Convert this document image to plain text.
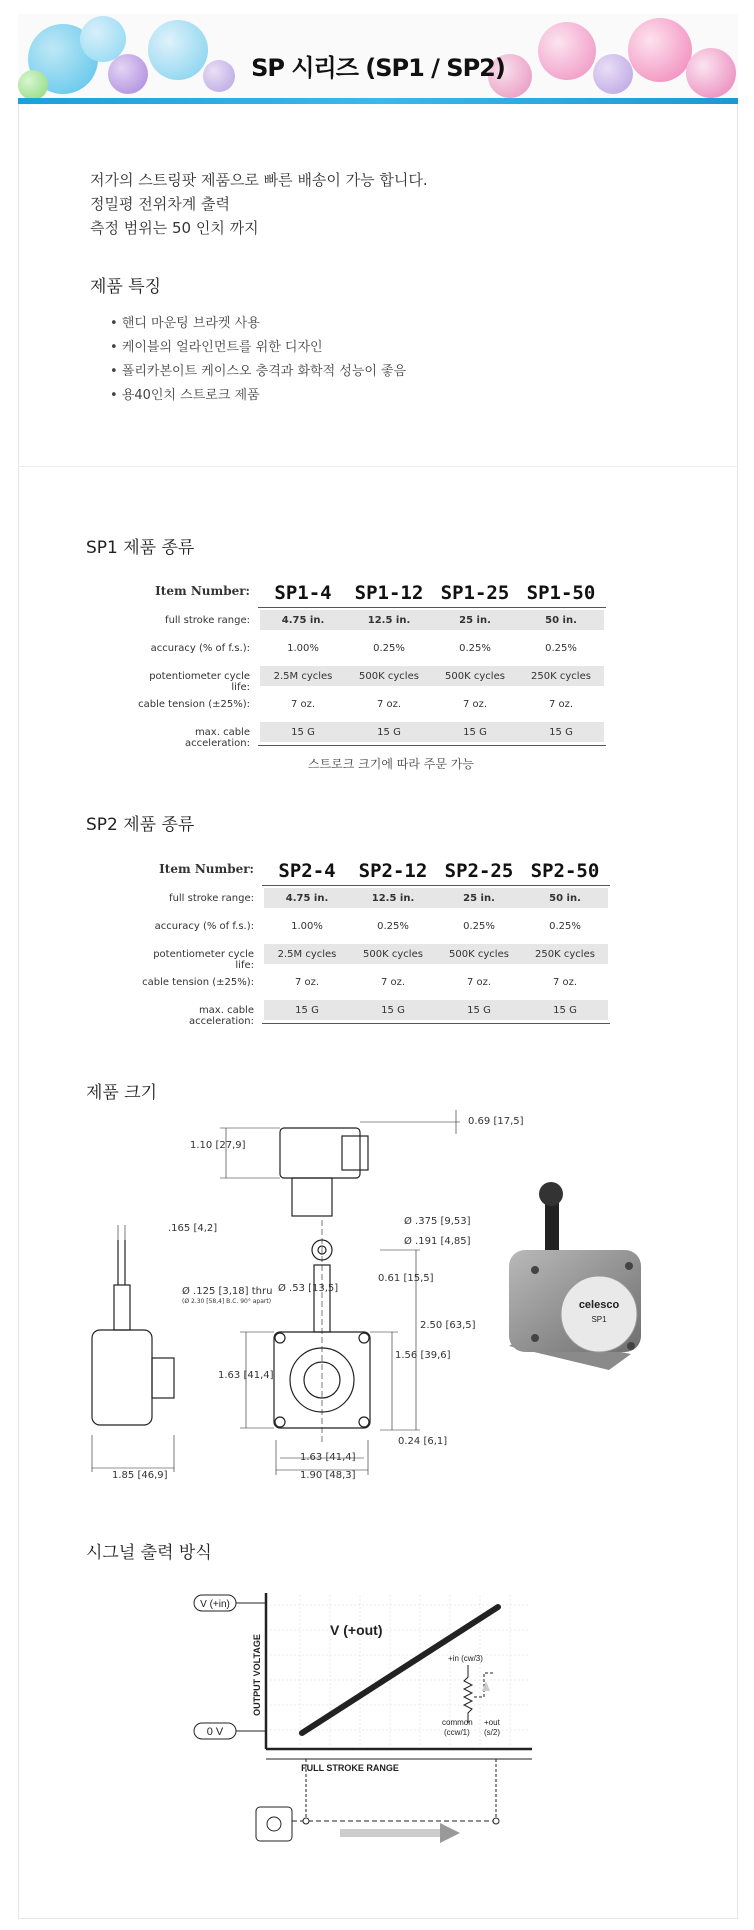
SP 시리즈 (SP1 / SP2)
저가의 스트링팟 제품으로 빠른 배송이 가능 합니다.
정밀평 전위차계 출력
측정 범위는 50 인치 까지
제품 특징
• 핸디 마운팅 브라켓 사용
• 케이블의 얼라인먼트를 위한 디자인
• 폴리카본이트 케이스오 충격과 화학적 성능이 좋음
• 용40인치 스트로크 제품
SP1 제품 종류
Item Number:	SP1-4	SP1-12 SP1-25 SP1-50
full stroke range:	4.75 in.	12.5 in.	25 in.	50 in.
accuracy (% of f.s.):	1.00%	0.25%	0.25%	0.25%
potentiometer cycle life:
2.5M cycles	500K cycles	500K cycles	250K cycles
cable tension (±25%):	7 oz.	7 oz.	7 oz.	7 oz.
max. cable acceleration:
15 G	15 G	15 G	15 G
스트로크 크기에 따라 주문 가능
SP2 제품 종류
Item Number:	SP2-4	SP2-12 SP2-25 SP2-50
full stroke range:	4.75 in.	12.5 in.	25 in.	50 in.
accuracy (% of f.s.):	1.00%	0.25%	0.25%	0.25%
potentiometer cycle life:
2.5M cycles	500K cycles	500K cycles	250K cycles
cable tension (±25%):	7 oz.	7 oz.	7 oz.	7 oz.
max. cable acceleration:
15 G	15 G	15 G	15 G
제품 크기
1.10 [27,9]
0.69 [17,5]
.165 [4,2]
Ø .375 [9,53]
Ø .191 [4,85]
Ø .53 [13,5]
Ø .125 [3,18] thru
(Ø 2.30 [58,4] B.C. 90° apart)
0.61 [15,5]
2.50 [63,5]
1.56 [39,6]
1.63 [41,4]
0.24 [6,1]
1.63 [41,4]
1.90 [48,3]
1.85 [46,9]
celesco
SP1
시그널 출력 방식
V (+in)
0 V
OUTPUT VOLTAGE
FULL STROKE RANGE
V (+out)
+in (cw/3)
common
(ccw/1)
+out
(s/2)
